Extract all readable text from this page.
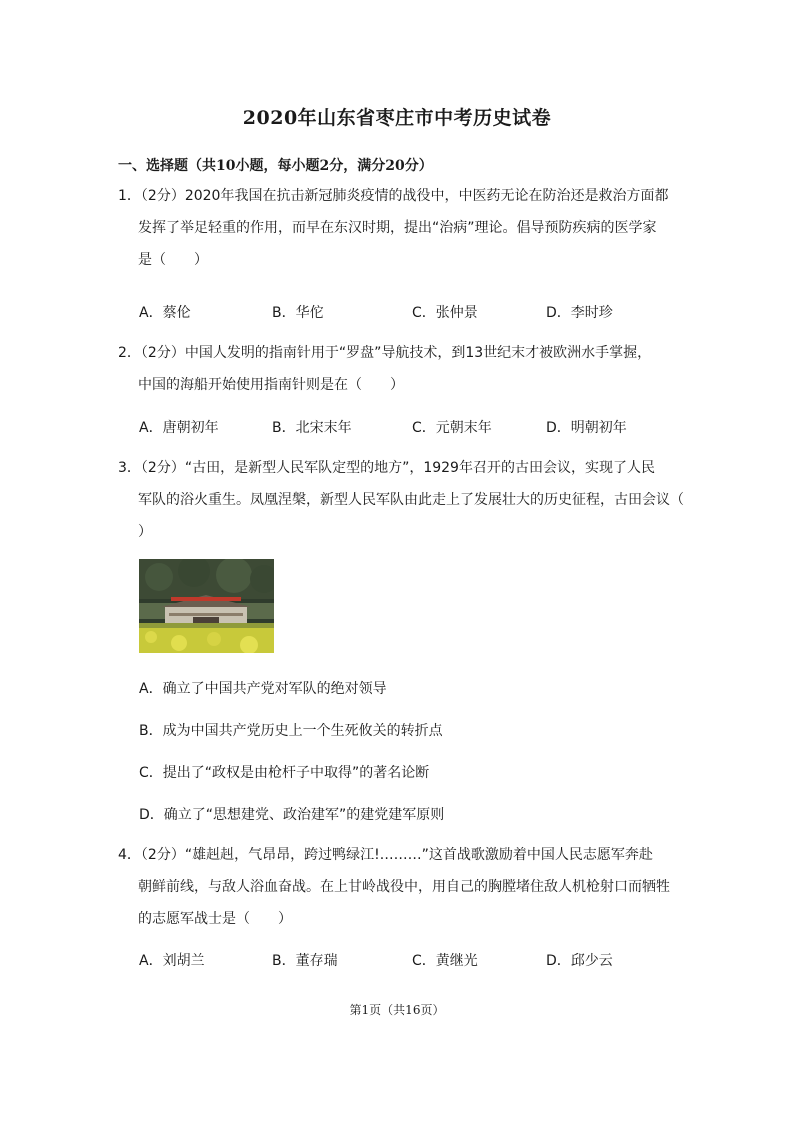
2020年山东省枣庄市中考历史试卷
一、选择题（共10小题，每小题2分，满分20分）
1．（2分）2020年我国在抗击新冠肺炎疫情的战役中，中医药无论在防治还是救治方面都
发挥了举足轻重的作用，而早在东汉时期，提出“治病”理论。倡导预防疾病的医学家
是（　　）
A．蔡伦	B．华佗	C．张仲景	D．李时珍
2．（2分）中国人发明的指南针用于“罗盘”导航技术，到13世纪末才被欧洲水手掌握，
中国的海船开始使用指南针则是在（　　）
A．唐朝初年	B．北宋末年	C．元朝末年	D．明朝初年
3．（2分）“古田，是新型人民军队定型的地方”，1929年召开的古田会议，实现了人民
军队的浴火重生。凤凰涅槃，新型人民军队由此走上了发展壮大的历史征程，古田会议（
）
A．确立了中国共产党对军队的绝对领导
B．成为中国共产党历史上一个生死攸关的转折点
C．提出了“政权是由枪杆子中取得”的著名论断
D．确立了“思想建党、政治建军”的建党建军原则
4．（2分）“雄赳赳，气昂昂，跨过鸭绿江!………”这首战歌激励着中国人民志愿军奔赴
朝鲜前线，与敌人浴血奋战。在上甘岭战役中，用自己的胸膛堵住敌人机枪射口而牺牲
的志愿军战士是（　　）
A．刘胡兰	B．董存瑞	C．黄继光	D．邱少云
第1页（共16页）
